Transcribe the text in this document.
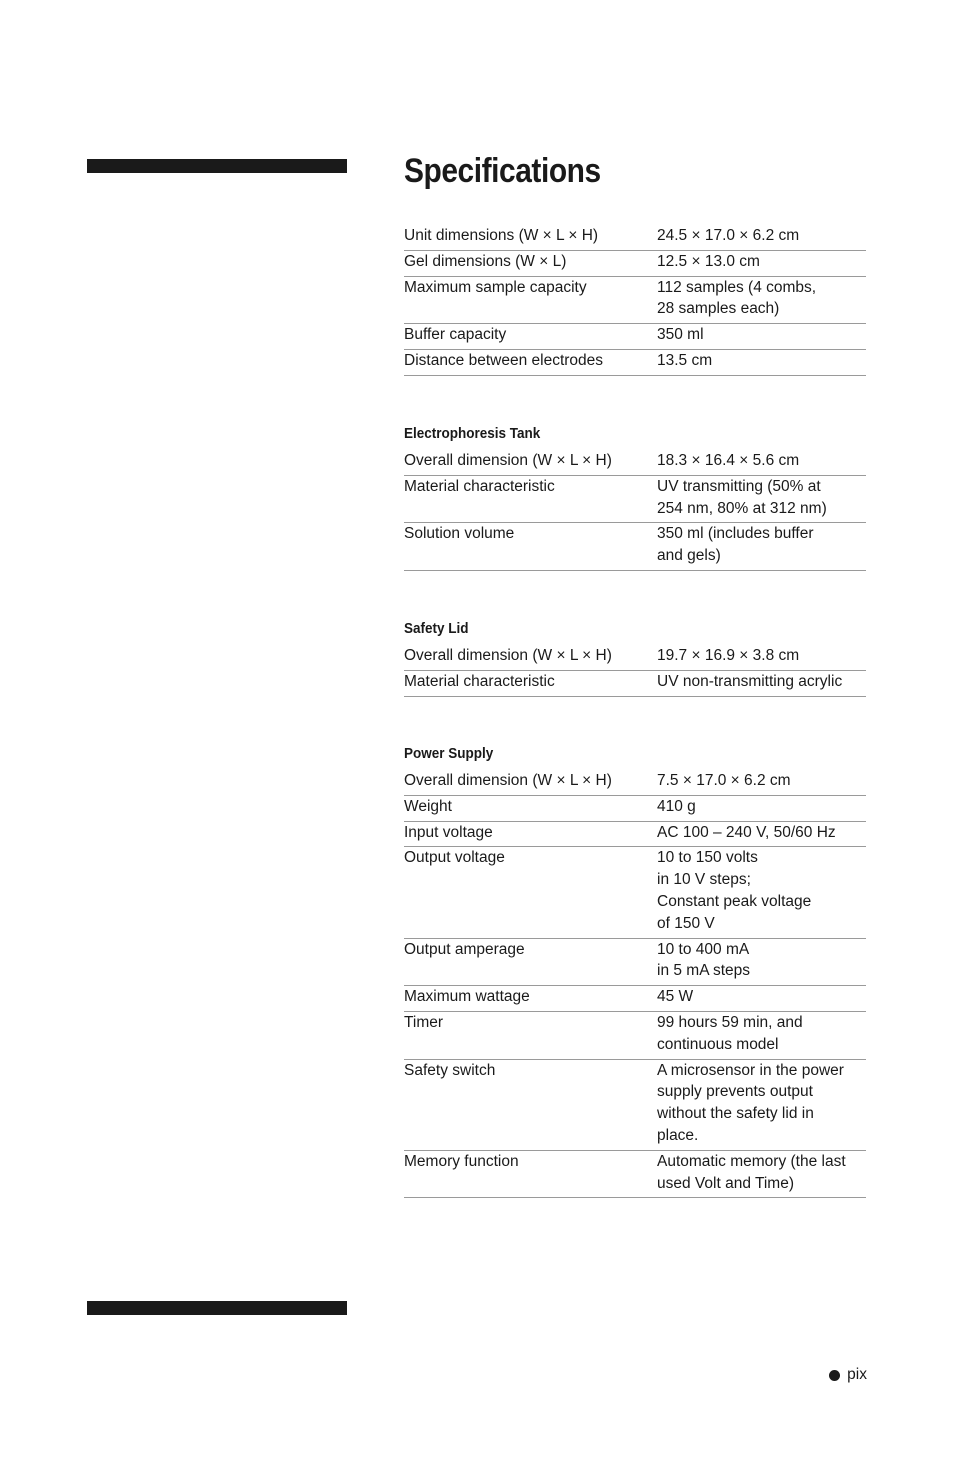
Specifications
Unit dimensions (W × L × H)	24.5 × 17.0 × 6.2 cm
Gel dimensions (W × L)	12.5 × 13.0 cm
Maximum sample capacity	112 samples (4 combs,
28 samples each)
Buffer capacity	350 ml
Distance between electrodes	13.5 cm
Electrophoresis Tank
Overall dimension (W × L × H)	18.3 × 16.4 × 5.6 cm
Material characteristic	UV transmitting (50% at
254 nm, 80% at 312 nm)
Solution volume	350 ml (includes buffer
and gels)
Safety Lid
Overall dimension (W × L × H)	19.7 × 16.9 × 3.8 cm
Material characteristic	UV non-transmitting acrylic
Power Supply
Overall dimension (W × L × H)	7.5 × 17.0 × 6.2 cm
Weight	410 g
Input voltage	AC 100 – 240 V, 50/60 Hz
Output voltage	10 to 150 volts
in 10 V steps;
Constant peak voltage
of 150 V
Output amperage	10 to 400 mA
in 5 mA steps
Maximum wattage	45 W
Timer	99 hours 59 min, and
continuous model
Safety switch	A microsensor in the power
supply prevents output
without the safety lid in
place.
Memory function	Automatic memory (the last
used Volt and Time)
pix
